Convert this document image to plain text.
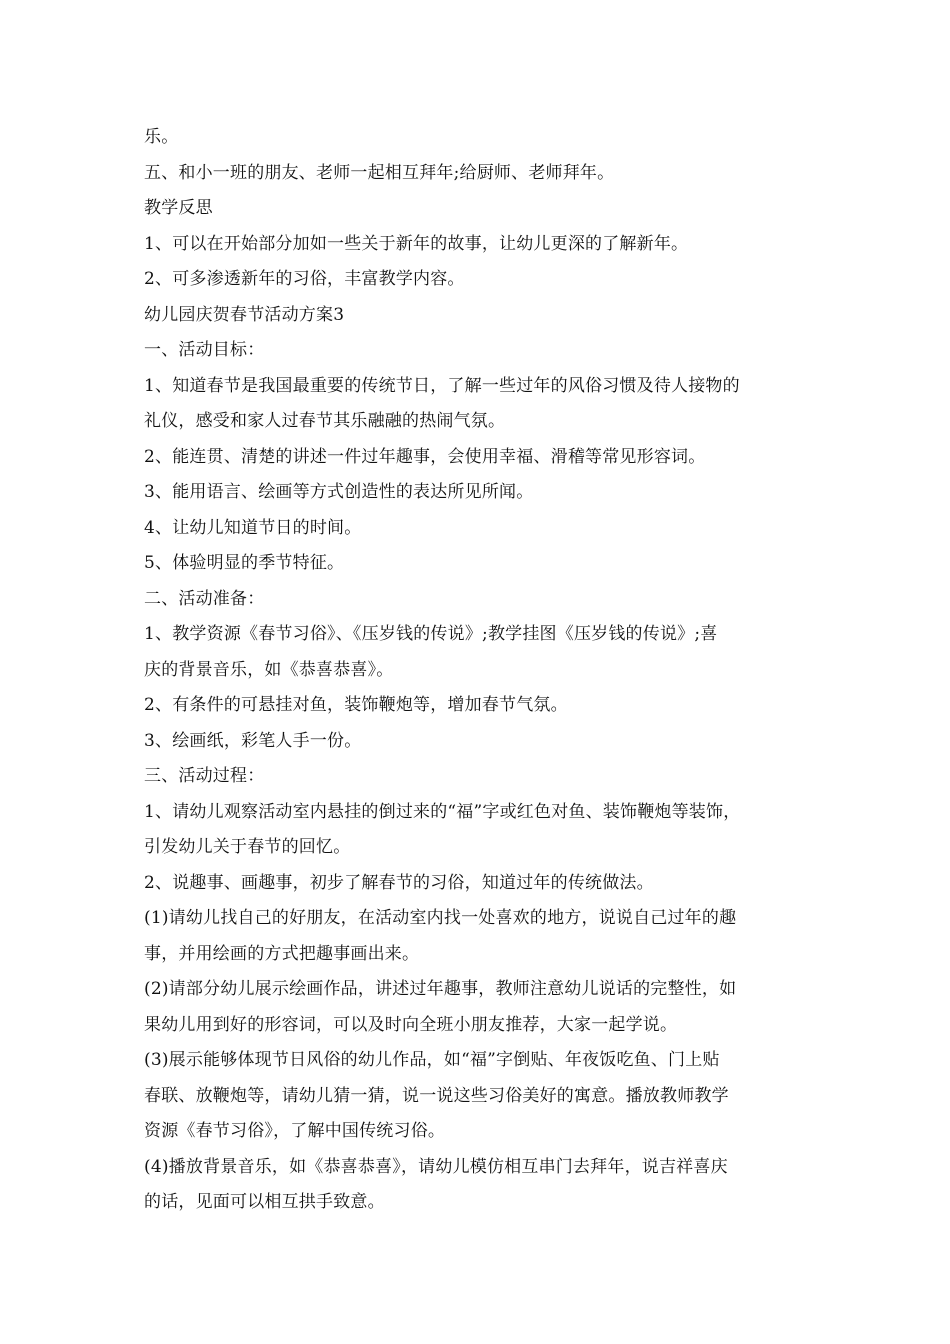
乐。
五、和小一班的朋友、老师一起相互拜年;给厨师、老师拜年。
教学反思
1、可以在开始部分加如一些关于新年的故事，让幼儿更深的了解新年。
2、可多渗透新年的习俗，丰富教学内容。
幼儿园庆贺春节活动方案3
一、活动目标：
1、知道春节是我国最重要的传统节日，了解一些过年的风俗习惯及待人接物的
礼仪，感受和家人过春节其乐融融的热闹气氛。
2、能连贯、清楚的讲述一件过年趣事，会使用幸福、滑稽等常见形容词。
3、能用语言、绘画等方式创造性的表达所见所闻。
4、让幼儿知道节日的时间。
5、体验明显的季节特征。
二、活动准备：
1、教学资源《春节习俗》、《压岁钱的传说》;教学挂图《压岁钱的传说》;喜
庆的背景音乐，如《恭喜恭喜》。
2、有条件的可悬挂对鱼，装饰鞭炮等，增加春节气氛。
3、绘画纸，彩笔人手一份。
三、活动过程：
1、请幼儿观察活动室内悬挂的倒过来的“福”字或红色对鱼、装饰鞭炮等装饰，
引发幼儿关于春节的回忆。
2、说趣事、画趣事，初步了解春节的习俗，知道过年的传统做法。
(1)请幼儿找自己的好朋友，在活动室内找一处喜欢的地方，说说自己过年的趣
事，并用绘画的方式把趣事画出来。
(2)请部分幼儿展示绘画作品，讲述过年趣事，教师注意幼儿说话的完整性，如
果幼儿用到好的形容词，可以及时向全班小朋友推荐，大家一起学说。
(3)展示能够体现节日风俗的幼儿作品，如“福”字倒贴、年夜饭吃鱼、门上贴
春联、放鞭炮等，请幼儿猜一猜，说一说这些习俗美好的寓意。播放教师教学
资源《春节习俗》，了解中国传统习俗。
(4)播放背景音乐，如《恭喜恭喜》，请幼儿模仿相互串门去拜年，说吉祥喜庆
的话，见面可以相互拱手致意。
